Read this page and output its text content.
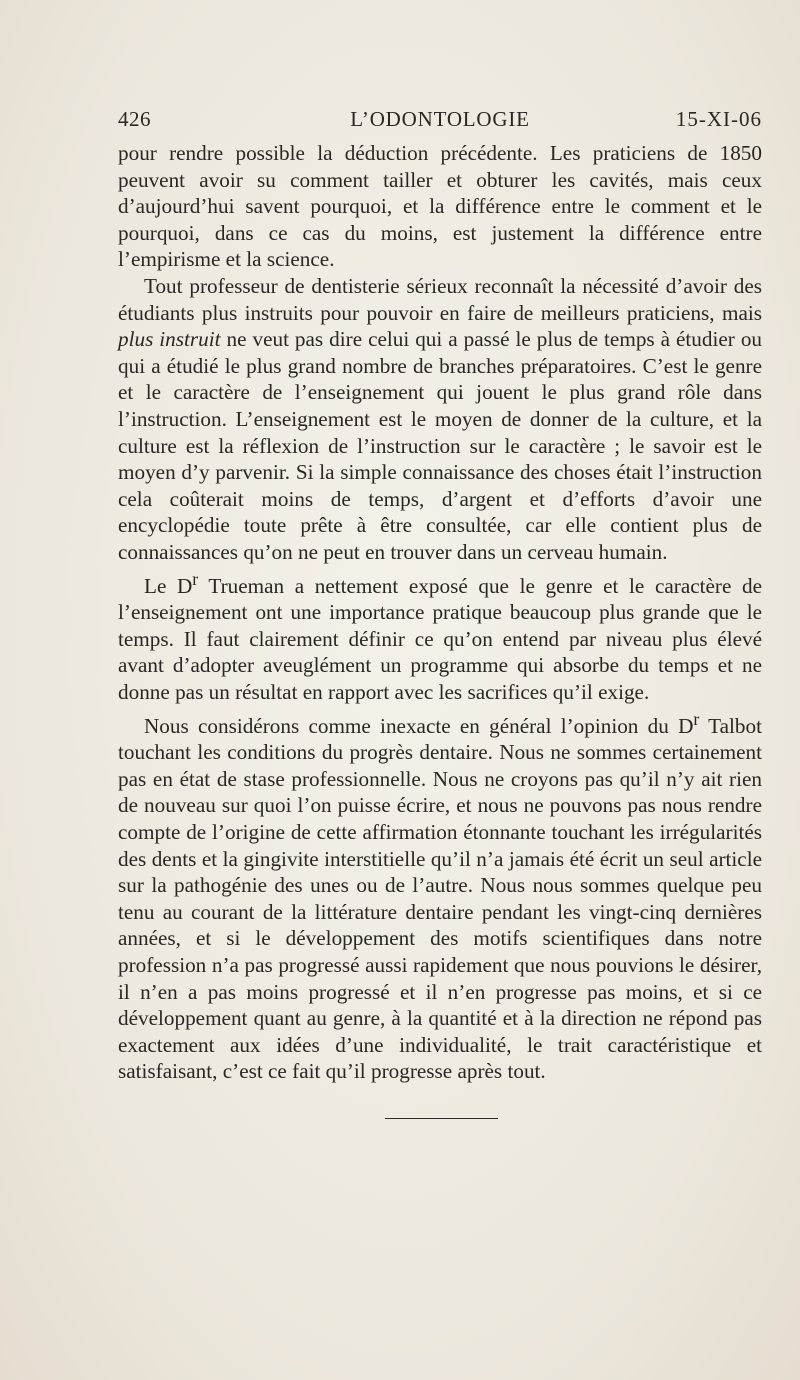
426	L’ODONTOLOGIE	15-XI-06

pour rendre possible la déduction précédente. Les praticiens de 1850 peuvent avoir su comment tailler et obturer les cavités, mais ceux d’aujourd’hui savent pourquoi, et la différence entre le comment et le pourquoi, dans ce cas du moins, est justement la différence entre l’empirisme et la science.

Tout professeur de dentisterie sérieux reconnaît la nécessité d’avoir des étudiants plus instruits pour pouvoir en faire de meilleurs praticiens, mais plus instruit ne veut pas dire celui qui a passé le plus de temps à étudier ou qui a étudié le plus grand nombre de branches préparatoires. C’est le genre et le caractère de l’enseignement qui jouent le plus grand rôle dans l’instruction. L’enseignement est le moyen de donner de la culture, et la culture est la réflexion de l’instruction sur le caractère ; le savoir est le moyen d’y parvenir. Si la simple connaissance des choses était l’instruction cela coûterait moins de temps, d’argent et d’efforts d’avoir une encyclopédie toute prête à être consultée, car elle contient plus de connaissances qu’on ne peut en trouver dans un cerveau humain.

Le $D^r$ Trueman a nettement exposé que le genre et le caractère de l’enseignement ont une importance pratique beaucoup plus grande que le temps. Il faut clairement définir ce qu’on entend par niveau plus élevé avant d’adopter aveuglément un programme qui absorbe du temps et ne donne pas un résultat en rapport avec les sacrifices qu’il exige.

Nous considérons comme inexacte en général l’opinion du $D^r$ Talbot touchant les conditions du progrès dentaire. Nous ne sommes certainement pas en état de stase professionnelle. Nous ne croyons pas qu’il n’y ait rien de nouveau sur quoi l’on puisse écrire, et nous ne pouvons pas nous rendre compte de l’origine de cette affirmation étonnante touchant les irrégularités des dents et la gingivite interstitielle qu’il n’a jamais été écrit un seul article sur la pathogénie des unes ou de l’autre. Nous nous sommes quelque peu tenu au courant de la littérature dentaire pendant les vingt-cinq dernières années, et si le développement des motifs scientifiques dans notre profession n’a pas progressé aussi rapidement que nous pouvions le désirer, il n’en a pas moins progressé et il n’en progresse pas moins, et si ce développement quant au genre, à la quantité et à la direction ne répond pas exactement aux idées d’une individualité, le trait caractéristique et satisfaisant, c’est ce fait qu’il progresse après tout.
